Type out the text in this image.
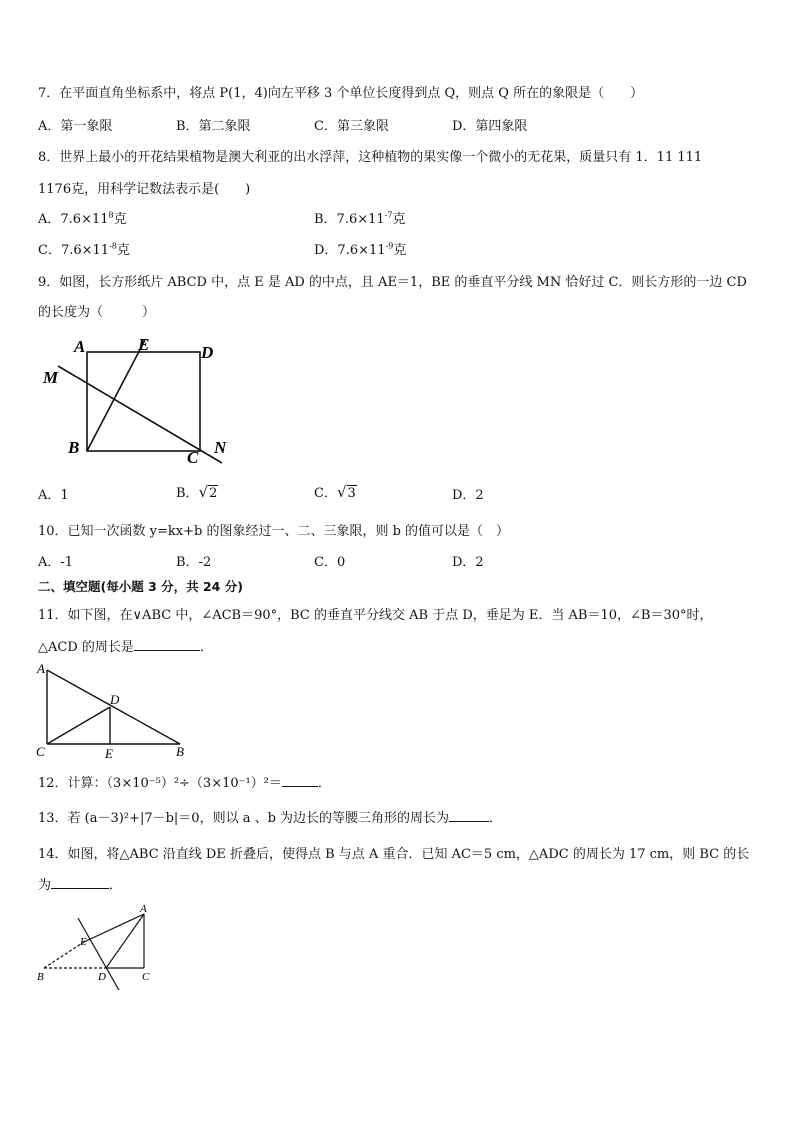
7．在平面直角坐标系中，将点 P(1，4)向左平移 3 个单位长度得到点 Q，则点 Q 所在的象限是（　　）
A．第一象限	B．第二象限	C．第三象限	D．第四象限
8．世界上最小的开花结果植物是澳大利亚的出水浮萍，这种植物的果实像一个微小的无花果，质量只有 1．11 111
1176克，用科学记数法表示是(　　)
A．$7.6\times 11^8$克	B．$7.6\times 11^{-7}$克
C．$7.6\times 11^{-8}$克	D．$7.6\times 11^{-9}$克
9．如图，长方形纸片 ABCD 中，点 E 是 AD 的中点，且 AE＝1，BE 的垂直平分线 MN 恰好过 C．则长方形的一边 CD
的长度为（　　　）
A	E	D
M
B
C
N
A．1	B．√2	C．√3	D．2
10．已知一次函数 y=kx+b 的图象经过一、二、三象限，则 b 的值可以是（　）
A．-1	B．-2	C．0	D．2
二、填空题(每小题 3 分，共 24 分)
11．如下图，在∨ABC 中，∠ACB＝90°，BC 的垂直平分线交 AB 于点 D，垂足为 E．当 AB＝10，∠B＝30°时，
△ACD 的周长是	．
A
D
C	E	B
12．计算：（3×10⁻⁵）²÷（3×10⁻¹）²＝	．
13．若 (a－3)²+|7－b|＝0，则以 a 、b 为边长的等腰三角形的周长为	．
14．如图，将△ABC 沿直线 DE 折叠后，使得点 B 与点 A 重合．已知 AC＝5 cm，△ADC 的周长为 17 cm，则 BC 的长
为	．
A
E
B	D	C
